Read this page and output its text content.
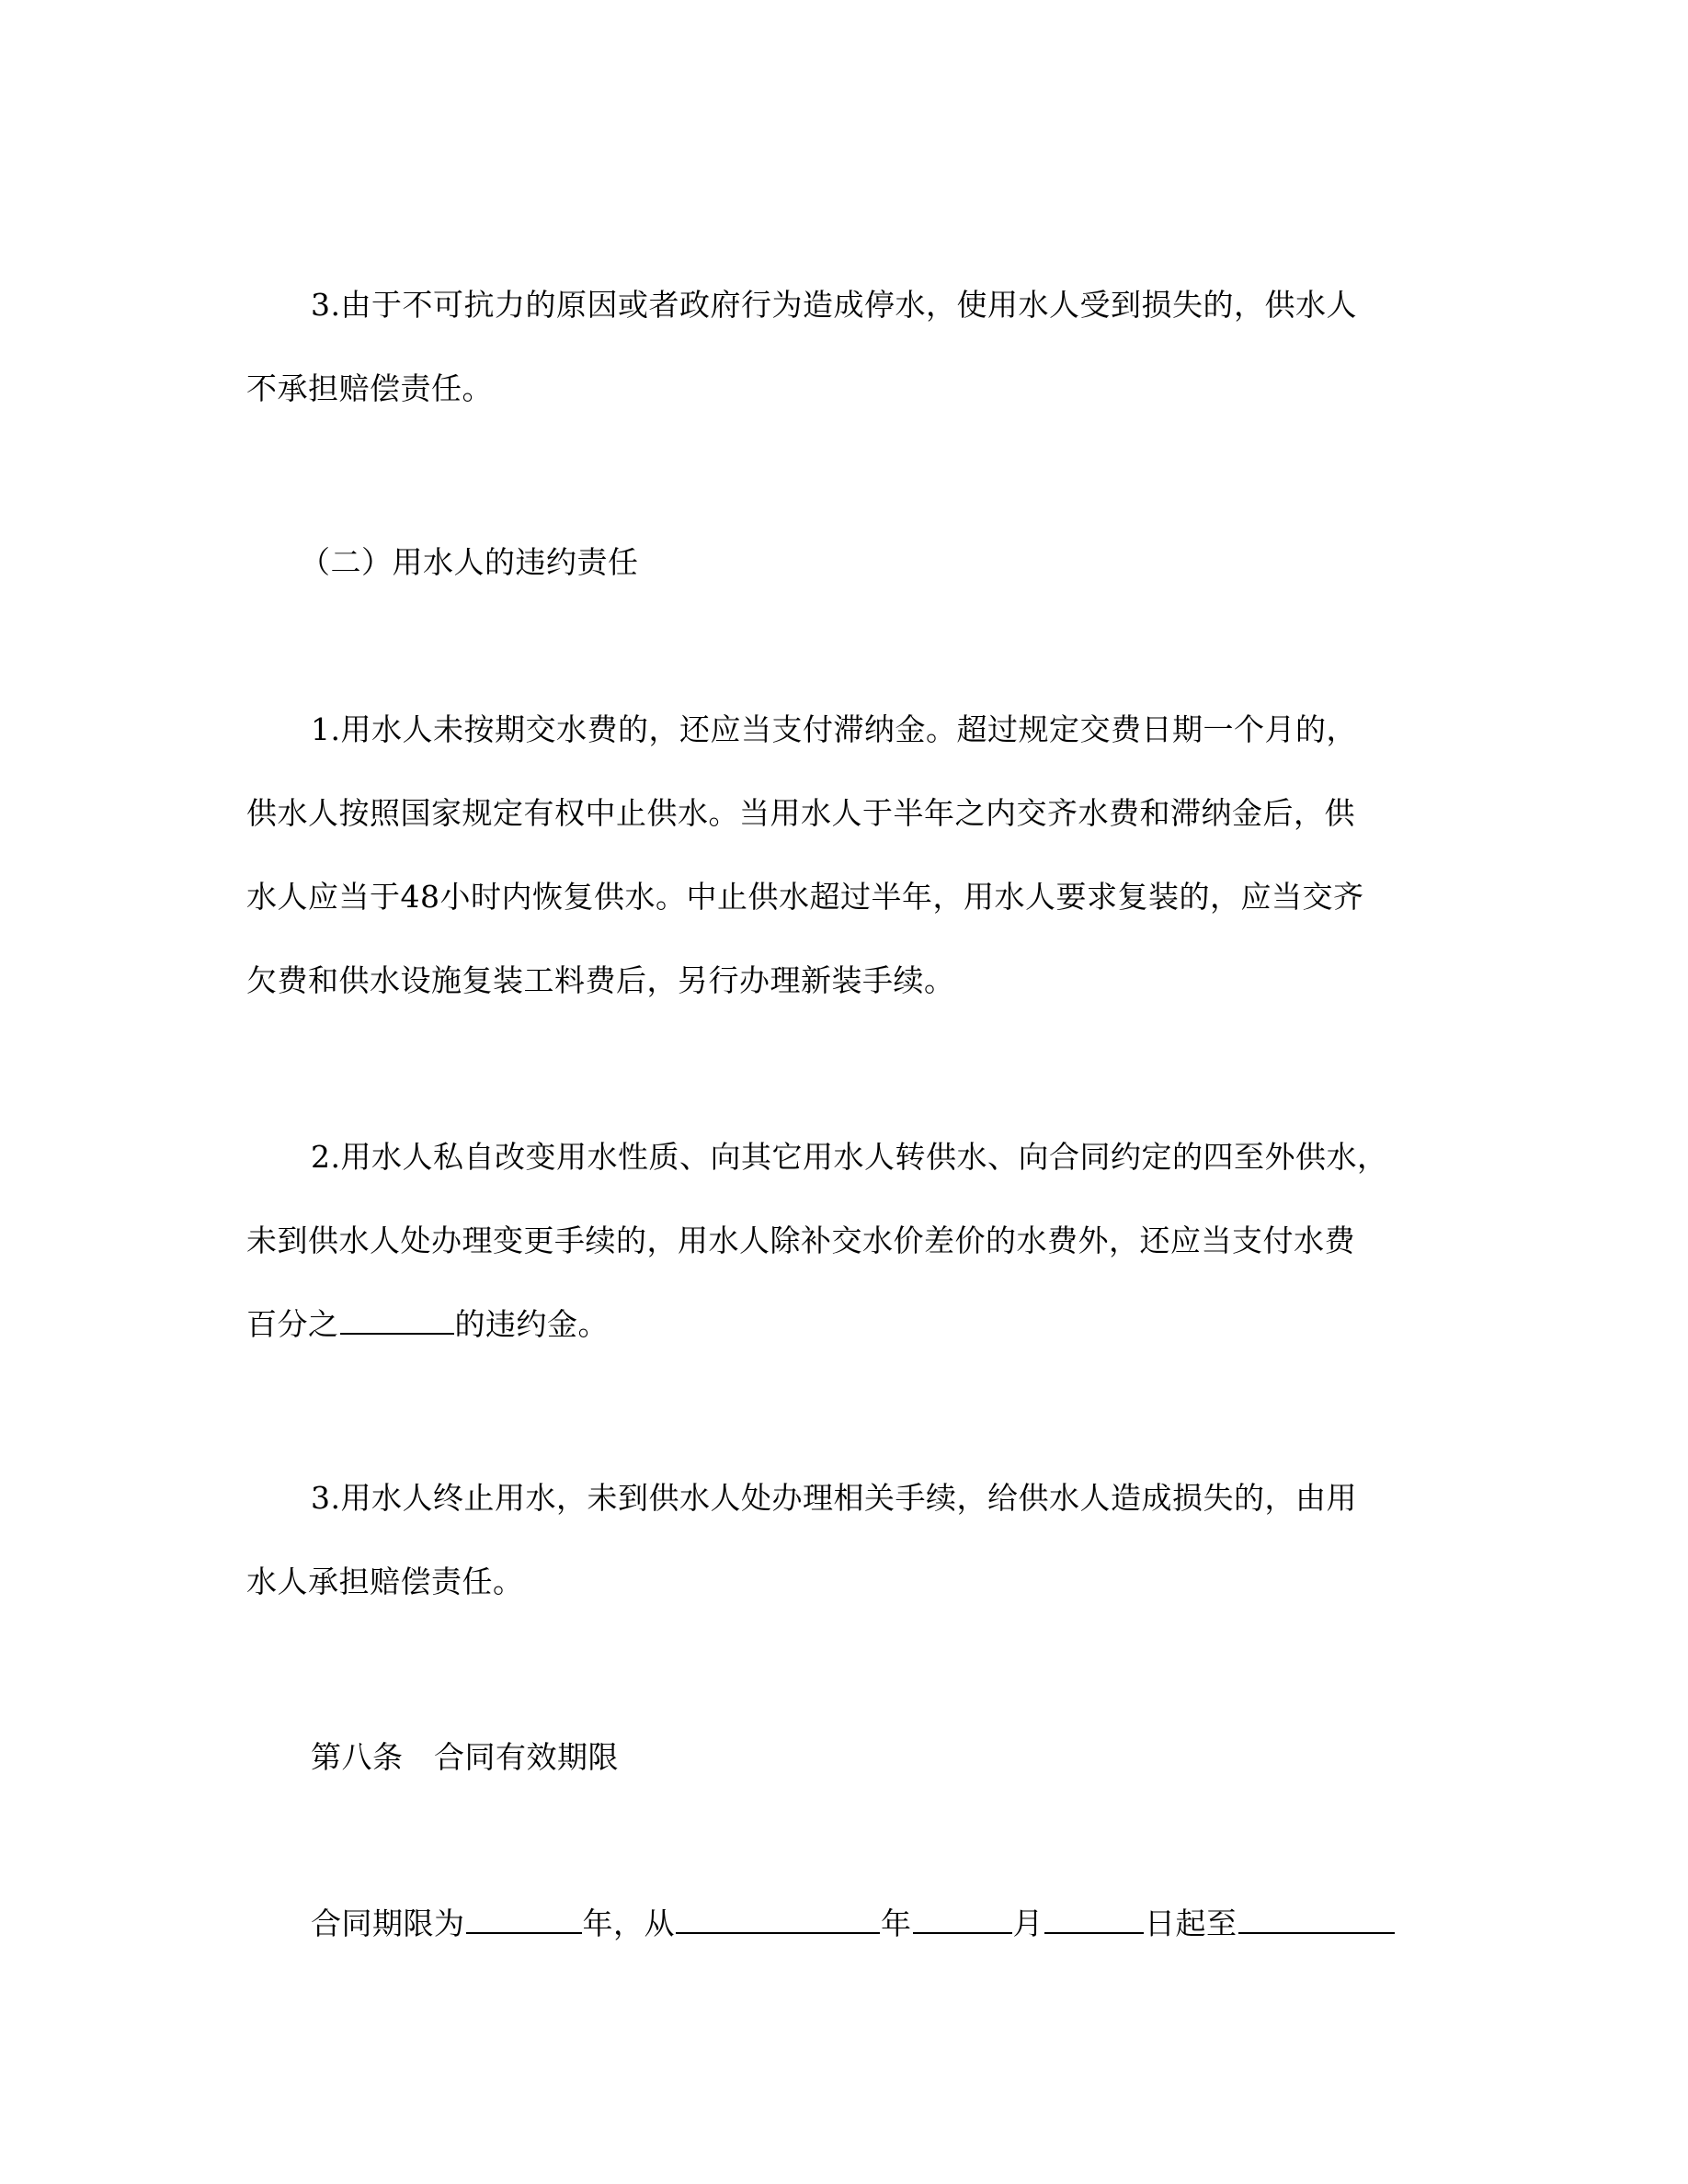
3.由于不可抗力的原因或者政府行为造成停水，使用水人受到损失的，供水人
不承担赔偿责任。
（二）用水人的违约责任
1.用水人未按期交水费的，还应当支付滞纳金。超过规定交费日期一个月的，
供水人按照国家规定有权中止供水。当用水人于半年之内交齐水费和滞纳金后，供
水人应当于48小时内恢复供水。中止供水超过半年，用水人要求复装的，应当交齐
欠费和供水设施复装工料费后，另行办理新装手续。
2.用水人私自改变用水性质、向其它用水人转供水、向合同约定的四至外供水，
未到供水人处办理变更手续的，用水人除补交水价差价的水费外，还应当支付水费
百分之	的违约金。
3.用水人终止用水，未到供水人处办理相关手续，给供水人造成损失的，由用
水人承担赔偿责任。
第八条　合同有效期限
合同期限为	年，从	年	月	日起至
